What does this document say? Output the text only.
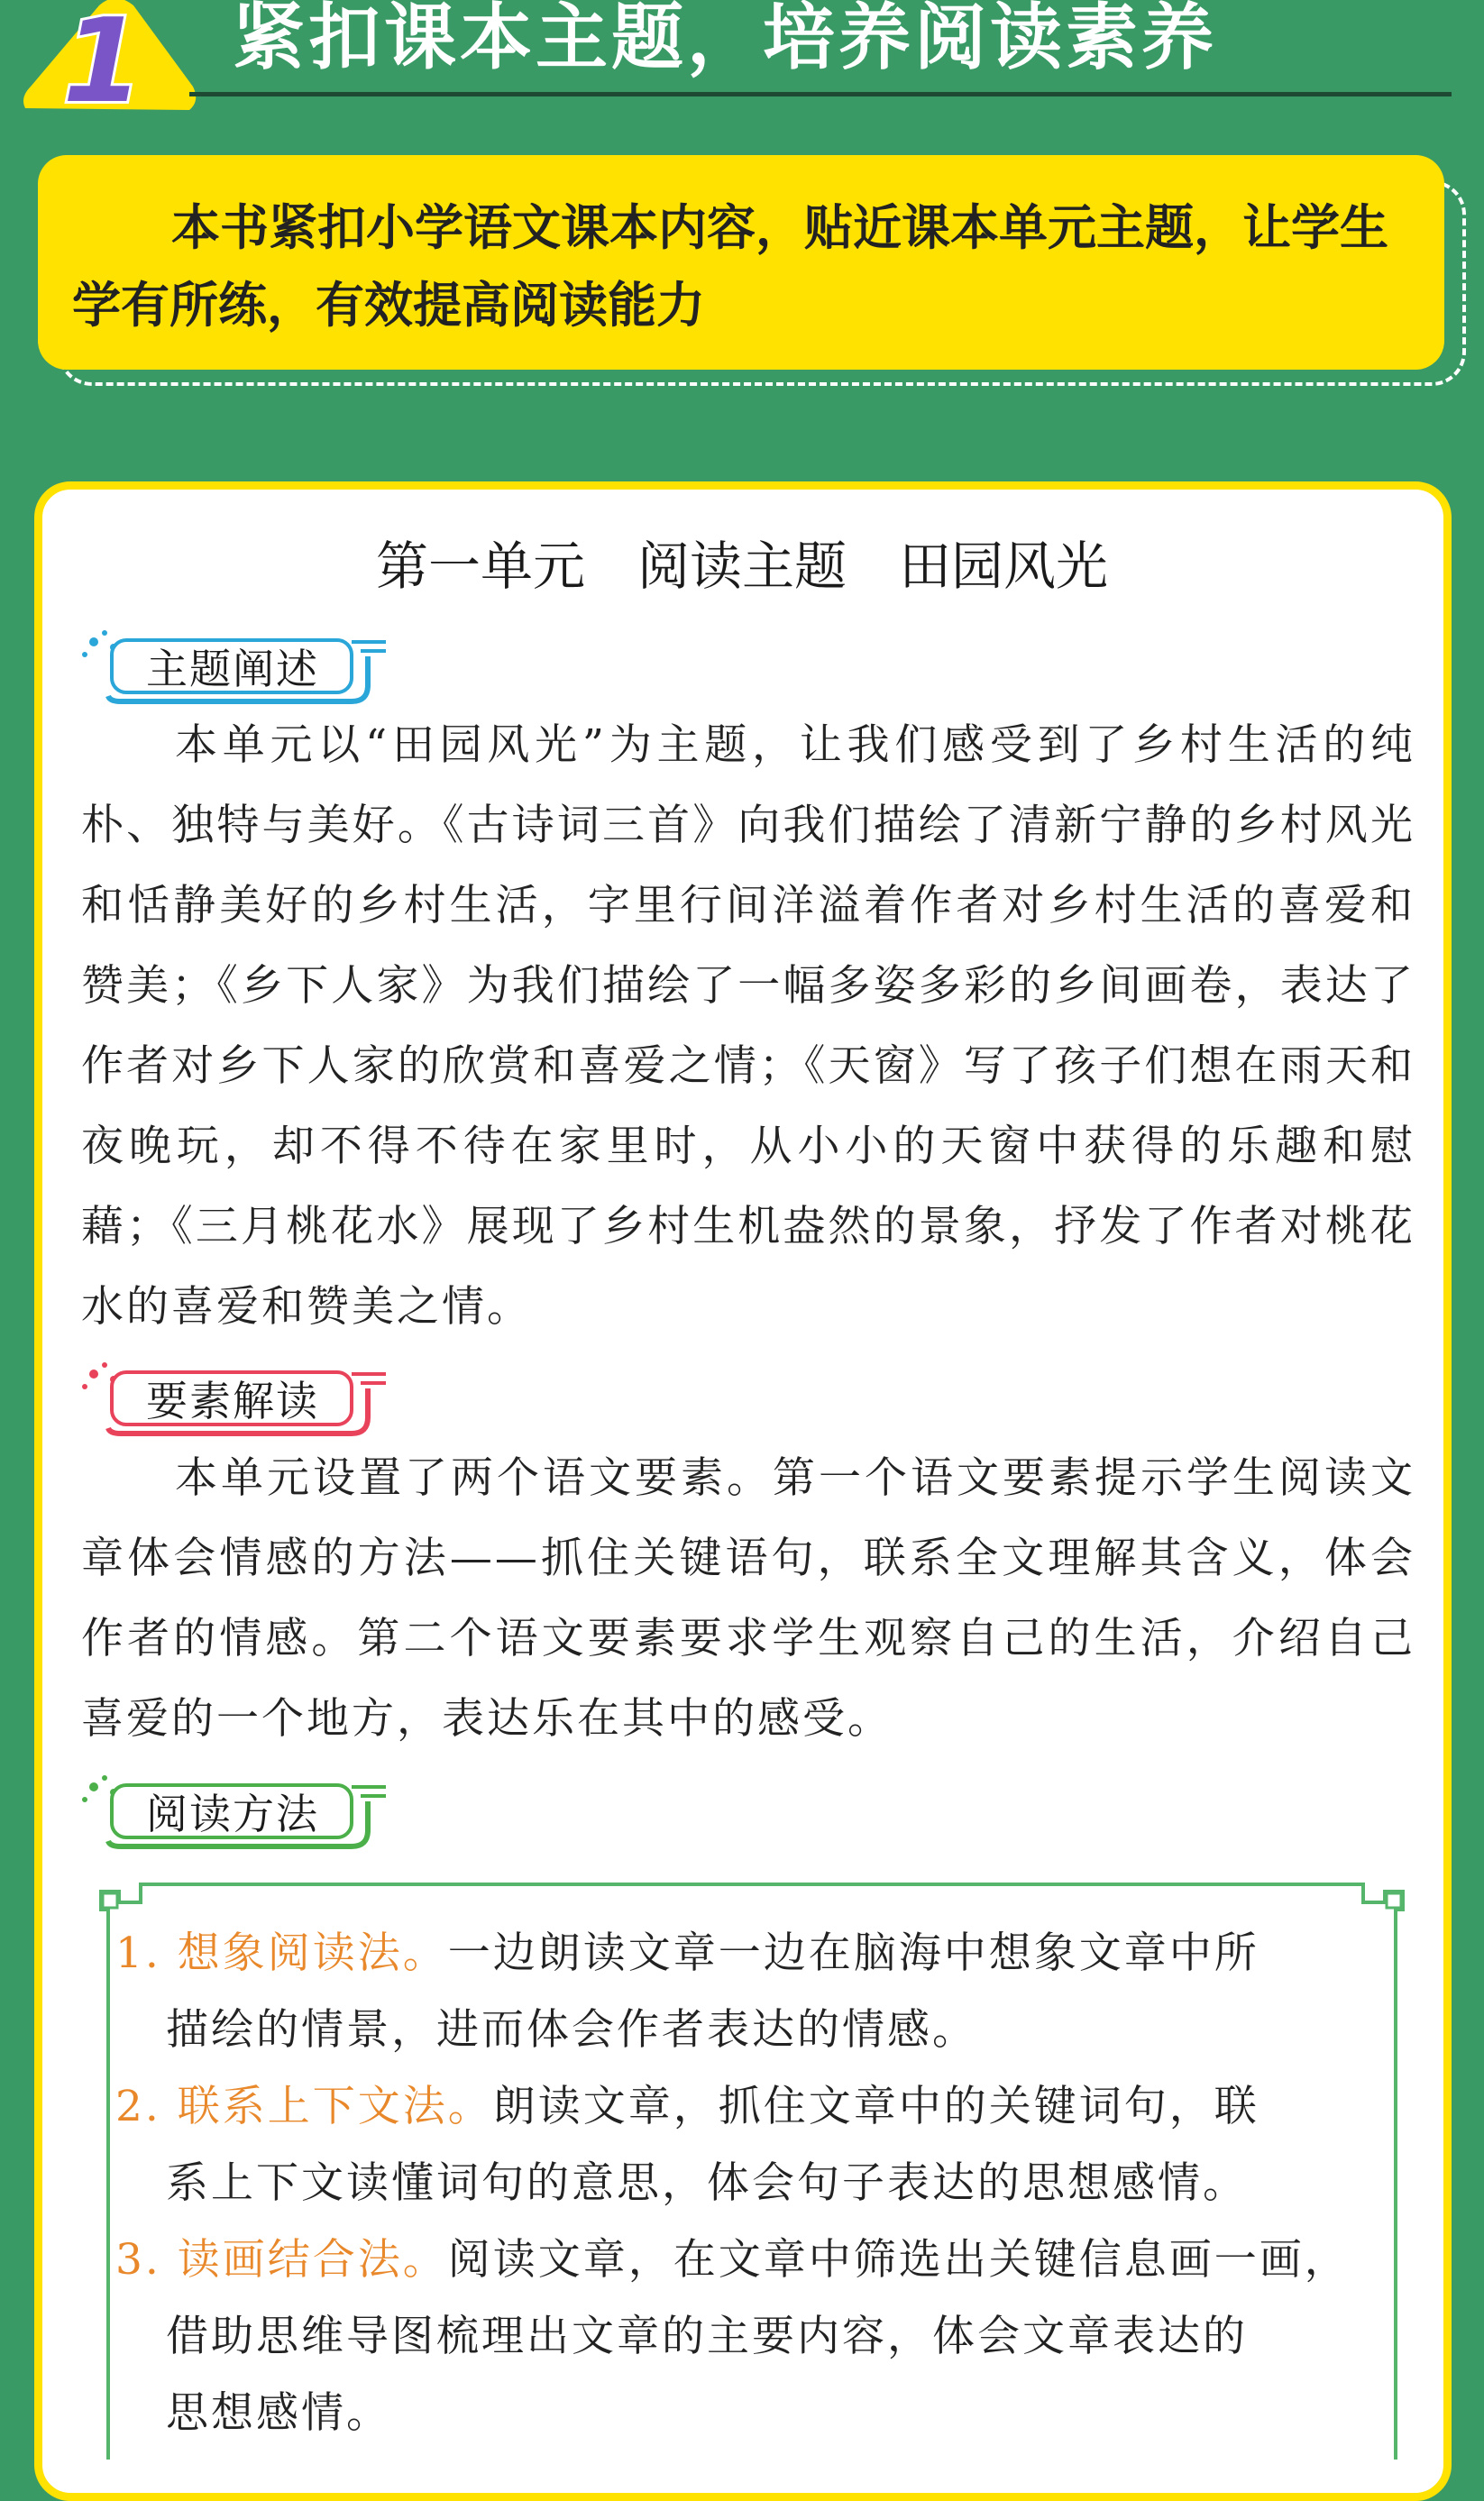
1 紧扣课本主题，培养阅读素养

本书紧扣小学语文课本内容，贴近课本单元主题，让学生学有所练，有效提高阅读能力

第一单元　阅读主题　田园风光
主题阐述

本单元以“田园风光”为主题，让我们感受到了乡村生活的纯朴、独特与美好。《古诗词三首》向我们描绘了清新宁静的乡村风光和恬静美好的乡村生活，字里行间洋溢着作者对乡村生活的喜爱和赞美；《乡下人家》为我们描绘了一幅多姿多彩的乡间画卷，表达了作者对乡下人家的欣赏和喜爱之情；《天窗》写了孩子们想在雨天和夜晚玩，却不得不待在家里时，从小小的天窗中获得的乐趣和慰藉；《三月桃花水》展现了乡村生机盎然的景象，抒发了作者对桃花水的喜爱和赞美之情。

要素解读

本单元设置了两个语文要素。第一个语文要素提示学生阅读文章体会情感的方法——抓住关键语句，联系全文理解其含义，体会作者的情感。第二个语文要素要求学生观察自己的生活，介绍自己喜爱的一个地方，表达乐在其中的感受。

阅读方法
1. 想象阅读法。一边朗读文章一边在脑海中想象文章中所
描绘的情景，进而体会作者表达的情感。
2. 联系上下文法。朗读文章，抓住文章中的关键词句，联
系上下文读懂词句的意思，体会句子表达的思想感情。
3. 读画结合法。阅读文章，在文章中筛选出关键信息画一画，
借助思维导图梳理出文章的主要内容，体会文章表达的
思想感情。
